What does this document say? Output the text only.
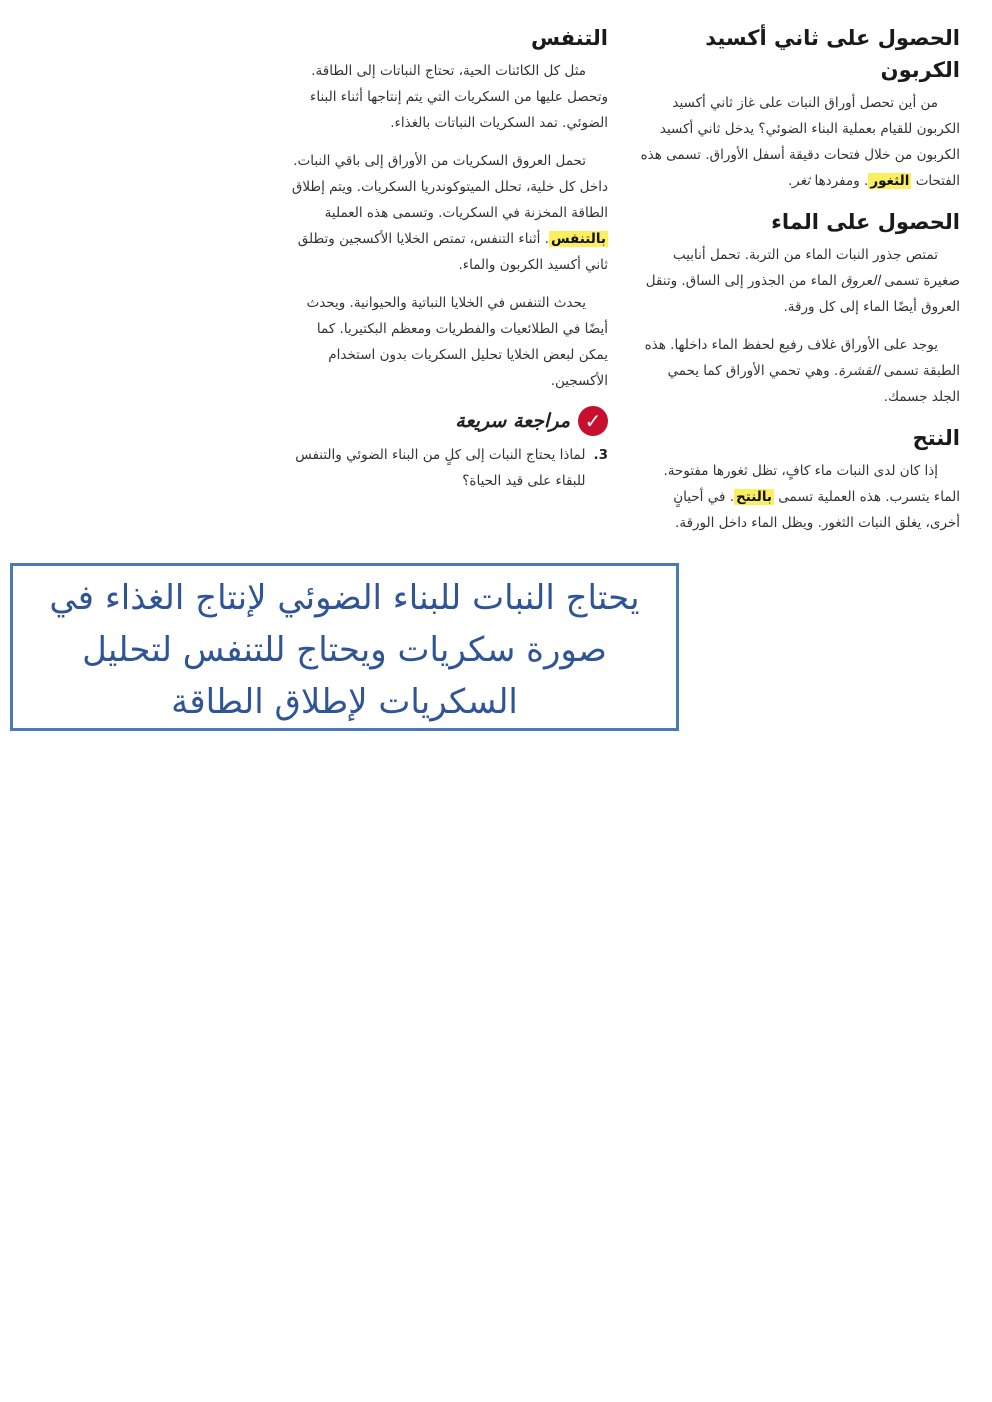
الحصول على ثاني أكسيد الكربون

من أين تحصل أوراق النبات على غاز ثاني أكسيد الكربون للقيام بعملية البناء الضوئي؟ يدخل ثاني أكسيد الكربون من خلال فتحات دقيقة أسفل الأوراق. تسمى هذه الفتحات الثغور. ومفردها ثغر.

الحصول على الماء

تمتص جذور النبات الماء من التربة. تحمل أنابيب صغيرة تسمى العروق الماء من الجذور إلى الساق. وتنقل العروق أيضًا الماء إلى كل ورقة.

يوجد على الأوراق غلاف رفيع لحفظ الماء داخلها. هذه الطبقة تسمى القشرة. وهي تحمي الأوراق كما يحمي الجلد جسمك.

النتح

إذا كان لدى النبات ماء كافٍ، تظل ثغورها مفتوحة. الماء يتسرب. هذه العملية تسمى بالنتح. في أحيانٍ أخرى، يغلق النبات الثغور. ويظل الماء داخل الورقة.

التنفس

مثل كل الكائنات الحية، تحتاج النباتات إلى الطاقة. وتحصل عليها من السكريات التي يتم إنتاجها أثناء البناء الضوئي. تمد السكريات النباتات بالغذاء.

تحمل العروق السكريات من الأوراق إلى باقي النبات. داخل كل خلية، تحلل الميتوكوندريا السكريات. ويتم إطلاق الطاقة المخزنة في السكريات. وتسمى هذه العملية بالتنفس. أثناء التنفس، تمتص الخلايا الأكسجين وتطلق ثاني أكسيد الكربون والماء.

يحدث التنفس في الخلايا النباتية والحيوانية. ويحدث أيضًا في الطلائعيات والفطريات ومعظم البكتيريا. كما يمكن لبعض الخلايا تحليل السكريات بدون استخدام الأكسجين.

✓
مراجعة سريعة
3.
لماذا يحتاج النبات إلى كلٍ من البناء الضوئي والتنفس للبقاء على قيد الحياة؟
يحتاج النبات للبناء الضوئي لإنتاج الغذاء في صورة سكريات ويحتاج للتنفس لتحليل السكريات لإطلاق الطاقة
